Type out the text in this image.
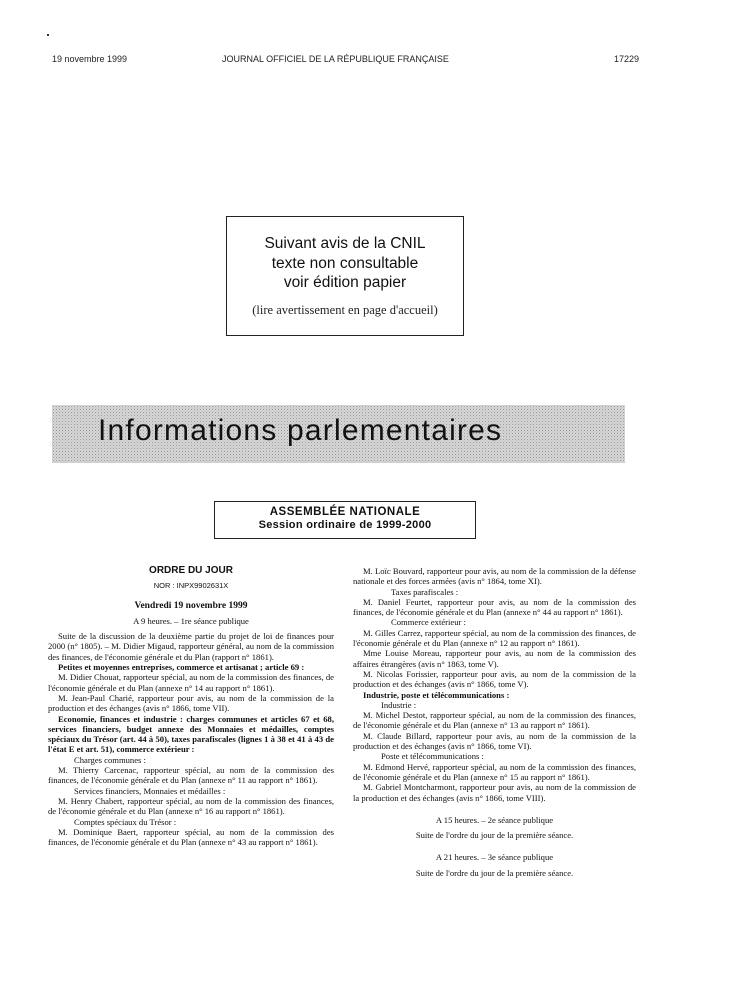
19 novembre 1999	JOURNAL OFFICIEL DE LA RÉPUBLIQUE FRANÇAISE	17229
Suivant avis de la CNIL
texte non consultable
voir édition papier
(lire avertissement en page d'accueil)
Informations parlementaires
ASSEMBLÉE NATIONALE
Session ordinaire de 1999-2000

ORDRE DU JOUR

NOR : INPX9902631X

Vendredi 19 novembre 1999

A 9 heures. – 1re séance publique

Suite de la discussion de la deuxième partie du projet de loi de finances pour 2000 (n° 1805). – M. Didier Migaud, rapporteur général, au nom de la commission des finances, de l'économie générale et du Plan (rapport n° 1861).

Petites et moyennes entreprises, commerce et artisanat ; article 69 :

M. Didier Chouat, rapporteur spécial, au nom de la commission des finances, de l'économie générale et du Plan (annexe n° 14 au rapport n° 1861).

M. Jean-Paul Charié, rapporteur pour avis, au nom de la commission de la production et des échanges (avis n° 1866, tome VII).

Economie, finances et industrie : charges communes et articles 67 et 68, services financiers, budget annexe des Monnaies et médailles, comptes spéciaux du Trésor (art. 44 à 50), taxes parafiscales (lignes 1 à 38 et 41 à 43 de l'état E et art. 51), commerce extérieur :

Charges communes :

M. Thierry Carcenac, rapporteur spécial, au nom de la commission des finances, de l'économie générale et du Plan (annexe n° 11 au rapport n° 1861).

Services financiers, Monnaies et médailles :

M. Henry Chabert, rapporteur spécial, au nom de la commission des finances, de l'économie générale et du Plan (annexe n° 16 au rapport n° 1861).

Comptes spéciaux du Trésor :

M. Dominique Baert, rapporteur spécial, au nom de la commission des finances, de l'économie générale et du Plan (annexe n° 43 au rapport n° 1861).

M. Loïc Bouvard, rapporteur pour avis, au nom de la commission de la défense nationale et des forces armées (avis n° 1864, tome XI).

Taxes parafiscales :

M. Daniel Feurtet, rapporteur pour avis, au nom de la commission des finances, de l'économie générale et du Plan (annexe n° 44 au rapport n° 1861).

Commerce extérieur :

M. Gilles Carrez, rapporteur spécial, au nom de la commission des finances, de l'économie générale et du Plan (annexe n° 12 au rapport n° 1861).

Mme Louise Moreau, rapporteur pour avis, au nom de la commission des affaires étrangères (avis n° 1863, tome V).

M. Nicolas Forissier, rapporteur pour avis, au nom de la commission de la production et des échanges (avis n° 1866, tome V).

Industrie, poste et télécommunications :

Industrie :

M. Michel Destot, rapporteur spécial, au nom de la commission des finances, de l'économie générale et du Plan (annexe n° 13 au rapport n° 1861).

M. Claude Billard, rapporteur pour avis, au nom de la commission de la production et des échanges (avis n° 1866, tome VI).

Poste et télécommunications :

M. Edmond Hervé, rapporteur spécial, au nom de la commission des finances, de l'économie générale et du Plan (annexe n° 15 au rapport n° 1861).

M. Gabriel Montcharmont, rapporteur pour avis, au nom de la commission de la production et des échanges (avis n° 1866, tome VIII).

A 15 heures. – 2e séance publique

Suite de l'ordre du jour de la première séance.

A 21 heures. – 3e séance publique

Suite de l'ordre du jour de la première séance.
